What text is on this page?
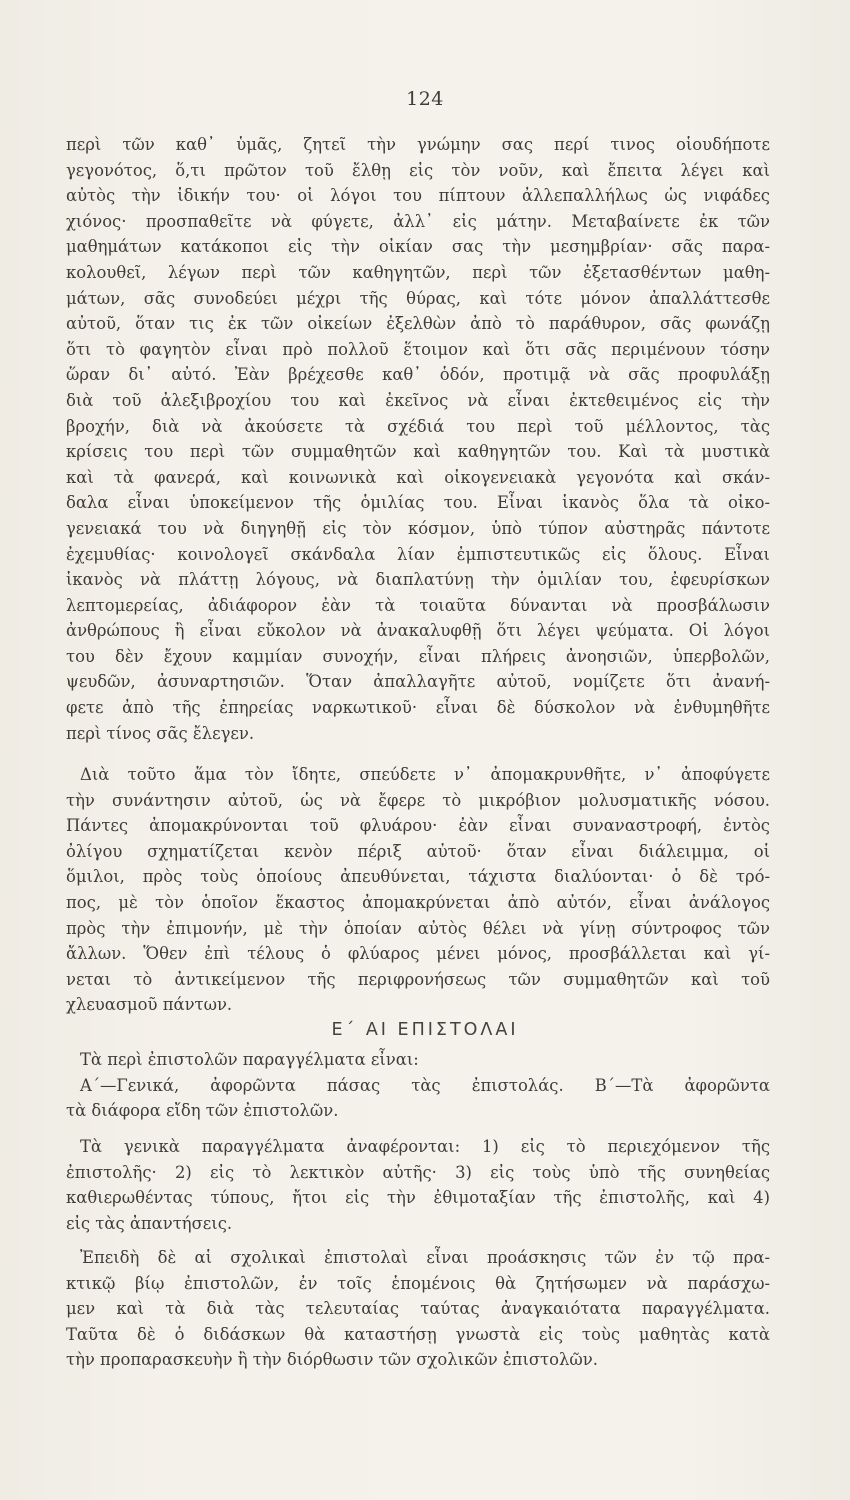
124
περὶ τῶν καθ᾽ ὑμᾶς, ζητεῖ τὴν γνώμην σας περί τινος οἱουδήποτε
γεγονότος, ὅ,τι πρῶτον τοῦ ἔλθῃ εἰς τὸν νοῦν, καὶ ἔπειτα λέγει καὶ
αὐτὸς τὴν ἰδικήν του· οἱ λόγοι του πίπτουν ἀλλεπαλλήλως ὡς νιφάδες
χιόνος· προσπαθεῖτε νὰ φύγετε, ἀλλ᾽ εἰς μάτην. Μεταβαίνετε ἐκ τῶν
μαθημάτων κατάκοποι εἰς τὴν οἰκίαν σας τὴν μεσημβρίαν· σᾶς παρα-
κολουθεῖ, λέγων περὶ τῶν καθηγητῶν, περὶ τῶν ἐξετασθέντων μαθη-
μάτων, σᾶς συνοδεύει μέχρι τῆς θύρας, καὶ τότε μόνον ἀπαλλάττεσθε
αὐτοῦ, ὅταν τις ἐκ τῶν οἰκείων ἐξελθὼν ἀπὸ τὸ παράθυρον, σᾶς φωνάζῃ
ὅτι τὸ φαγητὸν εἶναι πρὸ πολλοῦ ἕτοιμον καὶ ὅτι σᾶς περιμένουν τόσην
ὥραν δι᾽ αὐτό. Ἐὰν βρέχεσθε καθ᾽ ὁδόν, προτιμᾷ νὰ σᾶς προφυλάξῃ
διὰ τοῦ ἀλεξιβροχίου του καὶ ἐκεῖνος νὰ εἶναι ἐκτεθειμένος εἰς τὴν
βροχήν, διὰ νὰ ἀκούσετε τὰ σχέδιά του περὶ τοῦ μέλλοντος, τὰς
κρίσεις του περὶ τῶν συμμαθητῶν καὶ καθηγητῶν του. Καὶ τὰ μυστικὰ
καὶ τὰ φανερά, καὶ κοινωνικὰ καὶ οἰκογενειακὰ γεγονότα καὶ σκάν-
δαλα εἶναι ὑποκείμενον τῆς ὁμιλίας του. Εἶναι ἱκανὸς ὅλα τὰ οἰκο-
γενειακά του νὰ διηγηθῇ εἰς τὸν κόσμον, ὑπὸ τύπον αὐστηρᾶς πάντοτε
ἐχεμυθίας· κοινολογεῖ σκάνδαλα λίαν ἐμπιστευτικῶς εἰς ὅλους. Εἶναι
ἱκανὸς νὰ πλάττῃ λόγους, νὰ διαπλατύνῃ τὴν ὁμιλίαν του, ἐφευρίσκων
λεπτομερείας, ἀδιάφορον ἐὰν τὰ τοιαῦτα δύνανται νὰ προσβάλωσιν
ἀνθρώπους ἢ εἶναι εὔκολον νὰ ἀνακαλυφθῇ ὅτι λέγει ψεύματα. Οἱ λόγοι
του δὲν ἔχουν καμμίαν συνοχήν, εἶναι πλήρεις ἀνοησιῶν, ὑπερβολῶν,
ψευδῶν, ἀσυναρτησιῶν. Ὅταν ἀπαλλαγῆτε αὐτοῦ, νομίζετε ὅτι ἀνανή-
φετε ἀπὸ τῆς ἐπηρείας ναρκωτικοῦ· εἶναι δὲ δύσκολον νὰ ἐνθυμηθῆτε
περὶ τίνος σᾶς ἔλεγεν.
Διὰ τοῦτο ἅμα τὸν ἴδητε, σπεύδετε ν᾽ ἀπομακρυνθῆτε, ν᾽ ἀποφύγετε
τὴν συνάντησιν αὐτοῦ, ὡς νὰ ἔφερε τὸ μικρόβιον μολυσματικῆς νόσου.
Πάντες ἀπομακρύνονται τοῦ φλυάρου· ἐὰν εἶναι συναναστροφή, ἐντὸς
ὀλίγου σχηματίζεται κενὸν πέριξ αὐτοῦ· ὅταν εἶναι διάλειμμα, οἱ
ὅμιλοι, πρὸς τοὺς ὁποίους ἀπευθύνεται, τάχιστα διαλύονται· ὁ δὲ τρό-
πος, μὲ τὸν ὁποῖον ἕκαστος ἀπομακρύνεται ἀπὸ αὐτόν, εἶναι ἀνάλογος
πρὸς τὴν ἐπιμονήν, μὲ τὴν ὁποίαν αὐτὸς θέλει νὰ γίνῃ σύντροφος τῶν
ἄλλων. Ὅθεν ἐπὶ τέλους ὁ φλύαρος μένει μόνος, προσβάλλεται καὶ γί-
νεται τὸ ἀντικείμενον τῆς περιφρονήσεως τῶν συμμαθητῶν καὶ τοῦ
χλευασμοῦ πάντων.
Ε΄ ΑΙ ΕΠΙΣΤΟΛΑΙ
Τὰ περὶ ἐπιστολῶν παραγγέλματα εἶναι:
Α΄—Γενικά, ἀφορῶντα πάσας τὰς ἐπιστολάς. Β΄—Τὰ ἀφορῶντα
τὰ διάφορα εἴδη τῶν ἐπιστολῶν.
Τὰ γενικὰ παραγγέλματα ἀναφέρονται: 1) εἰς τὸ περιεχόμενον τῆς
ἐπιστολῆς· 2) εἰς τὸ λεκτικὸν αὐτῆς· 3) εἰς τοὺς ὑπὸ τῆς συνηθείας
καθιερωθέντας τύπους, ἤτοι εἰς τὴν ἐθιμοταξίαν τῆς ἐπιστολῆς, καὶ 4)
εἰς τὰς ἀπαντήσεις.
Ἐπειδὴ δὲ αἱ σχολικαὶ ἐπιστολαὶ εἶναι προάσκησις τῶν ἐν τῷ πρα-
κτικῷ βίῳ ἐπιστολῶν, ἐν τοῖς ἑπομένοις θὰ ζητήσωμεν νὰ παράσχω-
μεν καὶ τὰ διὰ τὰς τελευταίας ταύτας ἀναγκαιότατα παραγγέλματα.
Ταῦτα δὲ ὁ διδάσκων θὰ καταστήσῃ γνωστὰ εἰς τοὺς μαθητὰς κατὰ
τὴν προπαρασκευὴν ἢ τὴν διόρθωσιν τῶν σχολικῶν ἐπιστολῶν.
